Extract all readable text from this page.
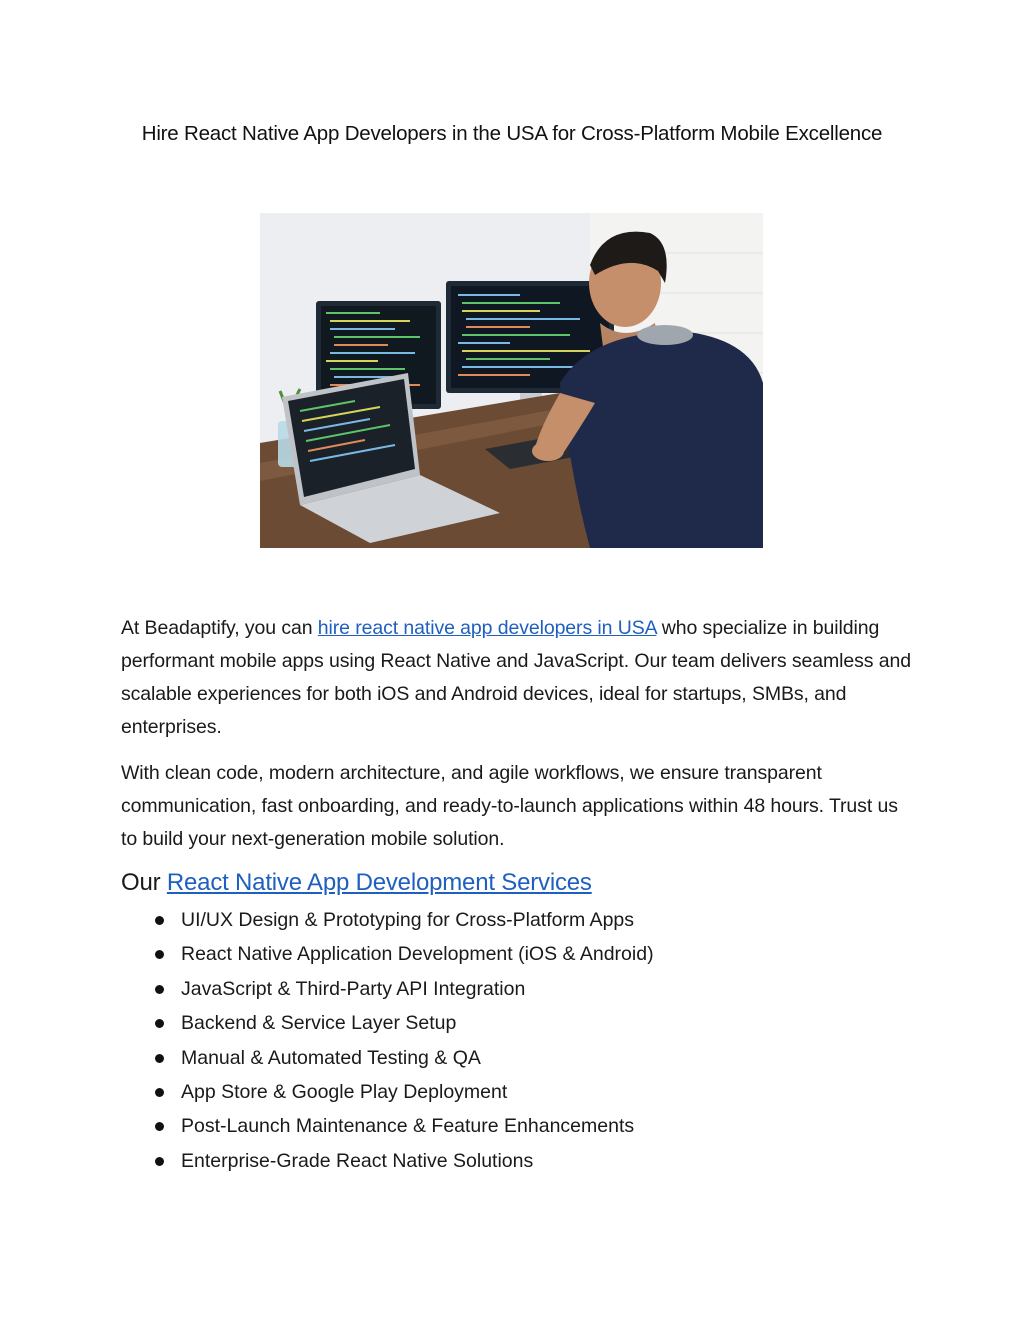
Hire React Native App Developers in the USA for Cross-Platform Mobile Excellence

At Beadaptify, you can hire react native app developers in USA who specialize in building performant mobile apps using React Native and JavaScript. Our team delivers seamless and scalable experiences for both iOS and Android devices, ideal for startups, SMBs, and enterprises.

With clean code, modern architecture, and agile workflows, we ensure transparent communication, fast onboarding, and ready-to-launch applications within 48 hours. Trust us to build your next-generation mobile solution.

Our React Native App Development Services
UI/UX Design & Prototyping for Cross-Platform Apps
React Native Application Development (iOS & Android)
JavaScript & Third-Party API Integration
Backend & Service Layer Setup
Manual & Automated Testing & QA
App Store & Google Play Deployment
Post-Launch Maintenance & Feature Enhancements
Enterprise-Grade React Native Solutions
